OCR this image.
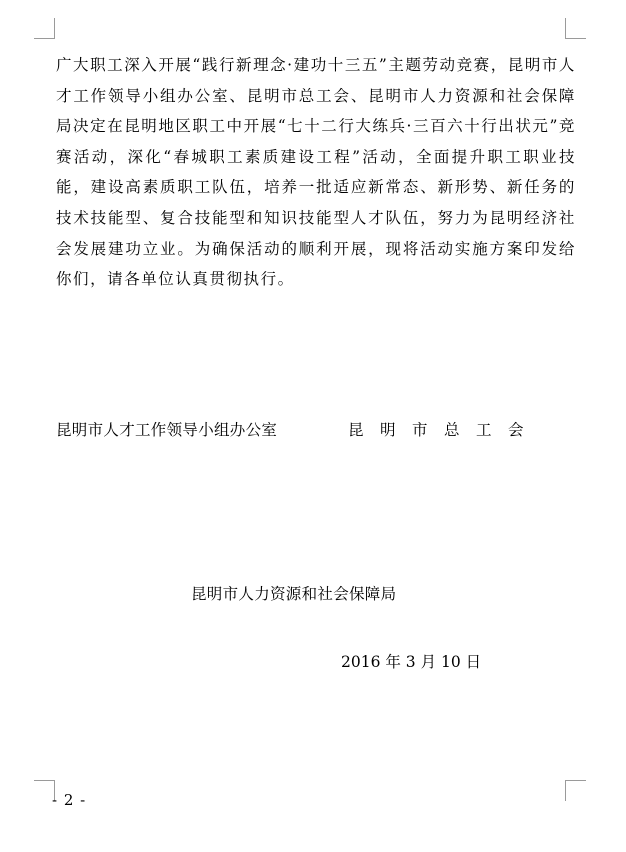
广大职工深入开展“践行新理念·建功十三五”主题劳动竞赛，昆明市人才工作领导小组办公室、昆明市总工会、昆明市人力资源和社会保障局决定在昆明地区职工中开展“七十二行大练兵·三百六十行出状元”竞赛活动，深化“春城职工素质建设工程”活动，全面提升职工职业技能，建设高素质职工队伍，培养一批适应新常态、新形势、新任务的技术技能型、复合技能型和知识技能型人才队伍，努力为昆明经济社会发展建功立业。为确保活动的顺利开展，现将活动实施方案印发给你们，请各单位认真贯彻执行。

昆明市人才工作领导小组办公室	昆明市总工会
昆明市人力资源和社会保障局
2016 年 3 月 10 日
- 2 -
